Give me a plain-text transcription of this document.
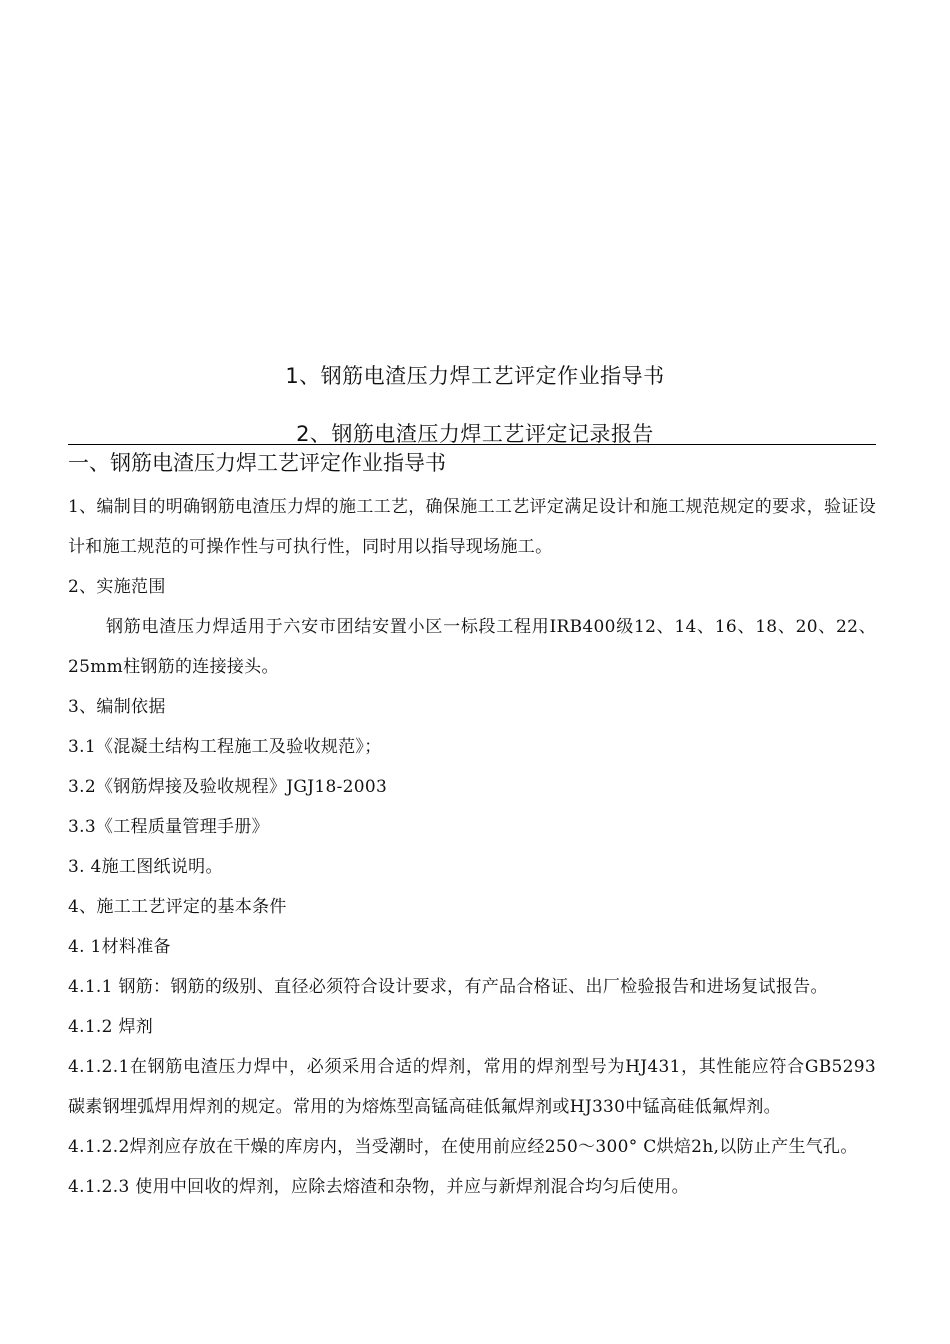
1、钢筋电渣压力焊工艺评定作业指导书
2、钢筋电渣压力焊工艺评定记录报告
一、钢筋电渣压力焊工艺评定作业指导书

1、编制目的明确钢筋电渣压力焊的施工工艺，确保施工工艺评定满足设计和施工规范规定的要求，验证设计和施工规范的可操作性与可执行性，同时用以指导现场施工。

2、实施范围

钢筋电渣压力焊适用于六安市团结安置小区一标段工程用IRB400级12、14、16、18、20、22、25mm柱钢筋的连接接头。

3、编制依据

3.1《混凝土结构工程施工及验收规范》；

3.2《钢筋焊接及验收规程》JGJ18-2003

3.3《工程质量管理手册》

3. 4施工图纸说明。

4、施工工艺评定的基本条件

4. 1材料准备

4.1.1 钢筋：钢筋的级别、直径必须符合设计要求，有产品合格证、出厂检验报告和进场复试报告。

4.1.2 焊剂

4.1.2.1在钢筋电渣压力焊中，必须采用合适的焊剂，常用的焊剂型号为HJ431，其性能应符合GB5293碳素钢埋弧焊用焊剂的规定。常用的为熔炼型高锰高硅低氟焊剂或HJ330中锰高硅低氟焊剂。

4.1.2.2焊剂应存放在干燥的库房内，当受潮时，在使用前应经250〜300° C烘焙2h,以防止产生气孔。

4.1.2.3 使用中回收的焊剂，应除去熔渣和杂物，并应与新焊剂混合均匀后使用。
